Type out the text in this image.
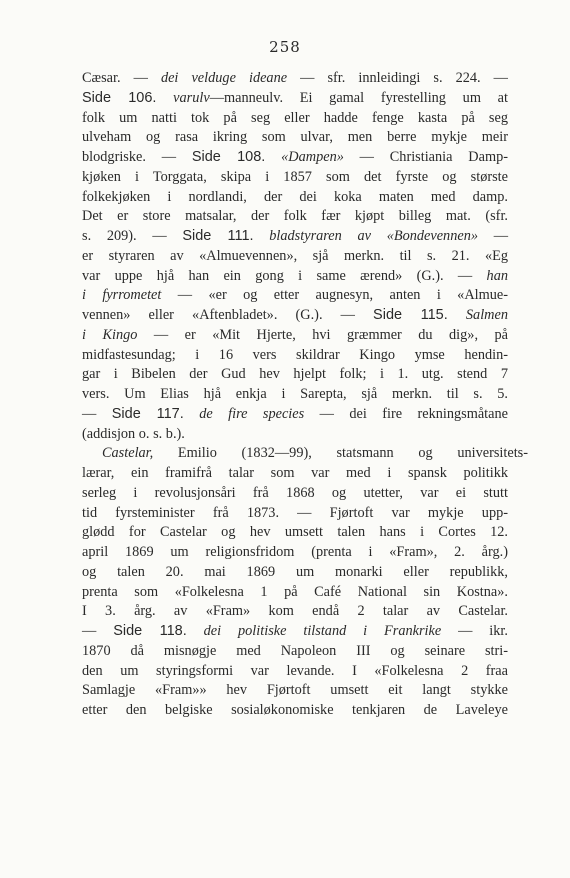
258
Cæsar. — dei velduge ideane — sfr. innleidingi s. 224. —
Side 106. varulv—manneulv. Ei gamal fyrestelling um at
folk um natti tok på seg eller hadde fenge kasta på seg
ulveham og rasa ikring som ulvar, men berre mykje meir
blodgriske. — Side 108. «Dampen» — Christiania Damp-
kjøken i Torggata, skipa i 1857 som det fyrste og største
folkekjøken i nordlandi, der dei koka maten med damp.
Det er store matsalar, der folk fær kjøpt billeg mat. (sfr.
s. 209). — Side 111. bladstyraren av «Bondevennen» —
er styraren av «Almuevennen», sjå merkn. til s. 21. «Eg
var uppe hjå han ein gong i same ærend» (G.). — han
i fyrrometet — «er og etter augnesyn, anten i «Almue-
vennen» eller «Aftenbladet». (G.). — Side 115. Salmen
i Kingo — er «Mit Hjerte, hvi græmmer du dig», på
midfastesundag; i 16 vers skildrar Kingo ymse hendin-
gar i Bibelen der Gud hev hjelpt folk; i 1. utg. stend 7
vers. Um Elias hjå enkja i Sarepta, sjå merkn. til s. 5.
— Side 117. de fire species — dei fire rekningsmåtane
(addisjon o. s. b.).
Castelar, Emilio (1832—99), statsmann og universitets-
lærar, ein framifrå talar som var med i spansk politikk
serleg i revolusjonsåri frå 1868 og utetter, var ei stutt
tid fyrsteminister frå 1873. — Fjørtoft var mykje upp-
glødd for Castelar og hev umsett talen hans i Cortes 12.
april 1869 um religionsfridom (prenta i «Fram», 2. årg.)
og talen 20. mai 1869 um monarki eller republikk,
prenta som «Folkelesna 1 på Café National sin Kostna».
I 3. årg. av «Fram» kom endå 2 talar av Castelar.
— Side 118. dei politiske tilstand i Frankrike — ikr.
1870 då misnøgje med Napoleon III og seinare stri-
den um styringsformi var levande. I «Folkelesna 2 fraa
Samlagje «Fram»» hev Fjørtoft umsett eit langt stykke
etter den belgiske sosialøkonomiske tenkjaren de Laveleye
